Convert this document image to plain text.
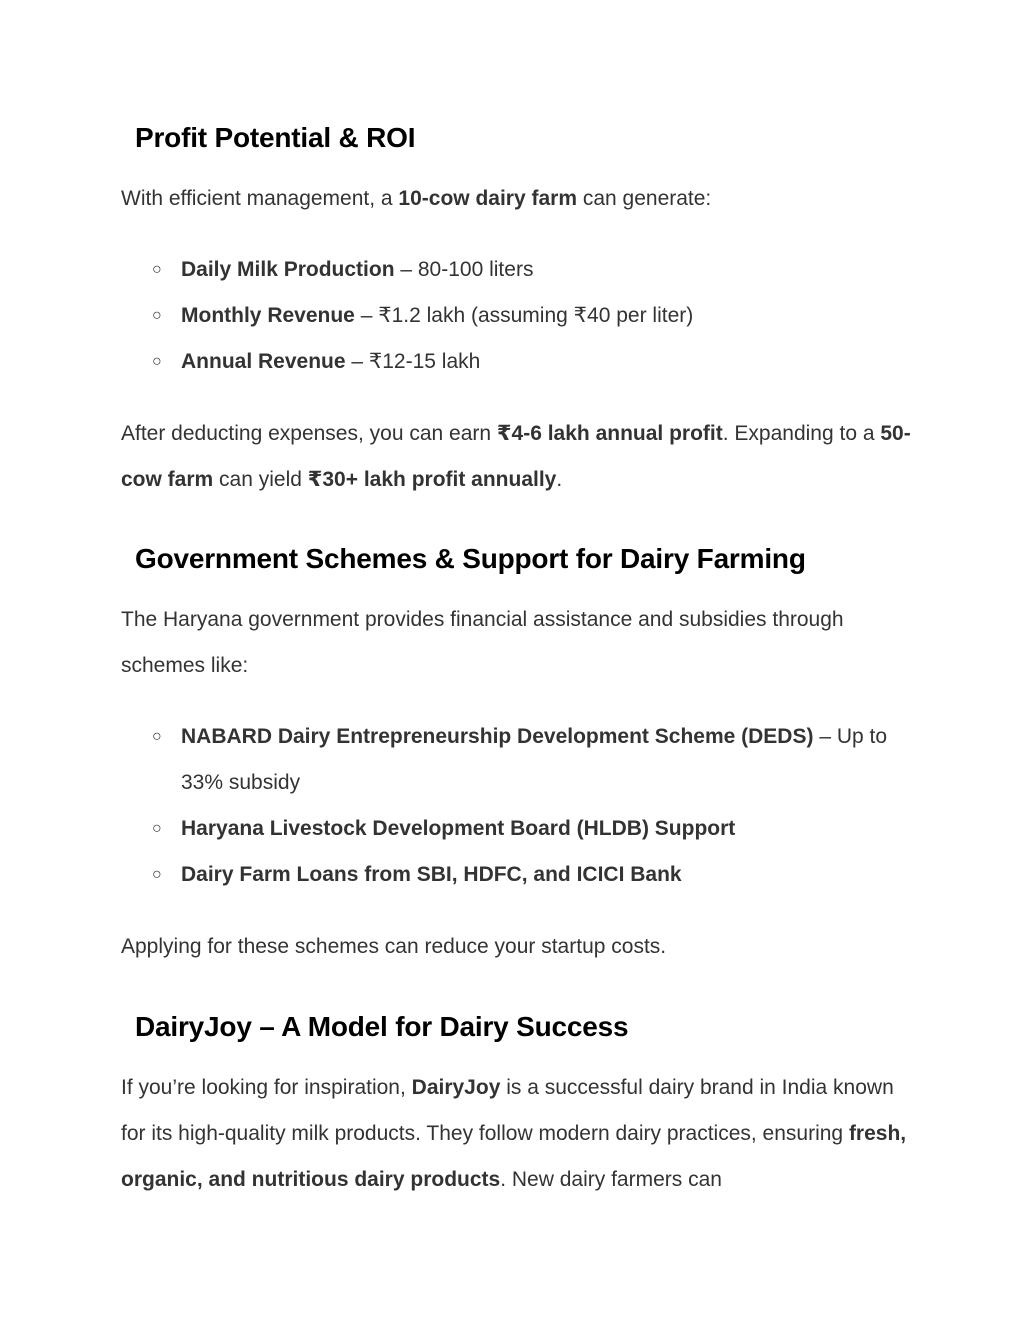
Profit Potential & ROI

With efficient management, a 10-cow dairy farm can generate:

○ Daily Milk Production – 80-100 liters
○ Monthly Revenue – ₹1.2 lakh (assuming ₹40 per liter)
○ Annual Revenue – ₹12-15 lakh

After deducting expenses, you can earn ₹4-6 lakh annual profit. Expanding to a 50-cow farm can yield ₹30+ lakh profit annually.

Government Schemes & Support for Dairy Farming

The Haryana government provides financial assistance and subsidies through schemes like:

○ NABARD Dairy Entrepreneurship Development Scheme (DEDS) – Up to 33% subsidy
○ Haryana Livestock Development Board (HLDB) Support
○ Dairy Farm Loans from SBI, HDFC, and ICICI Bank

Applying for these schemes can reduce your startup costs.

DairyJoy – A Model for Dairy Success

If you’re looking for inspiration, DairyJoy is a successful dairy brand in India known for its high-quality milk products. They follow modern dairy practices, ensuring fresh, organic, and nutritious dairy products. New dairy farmers can
